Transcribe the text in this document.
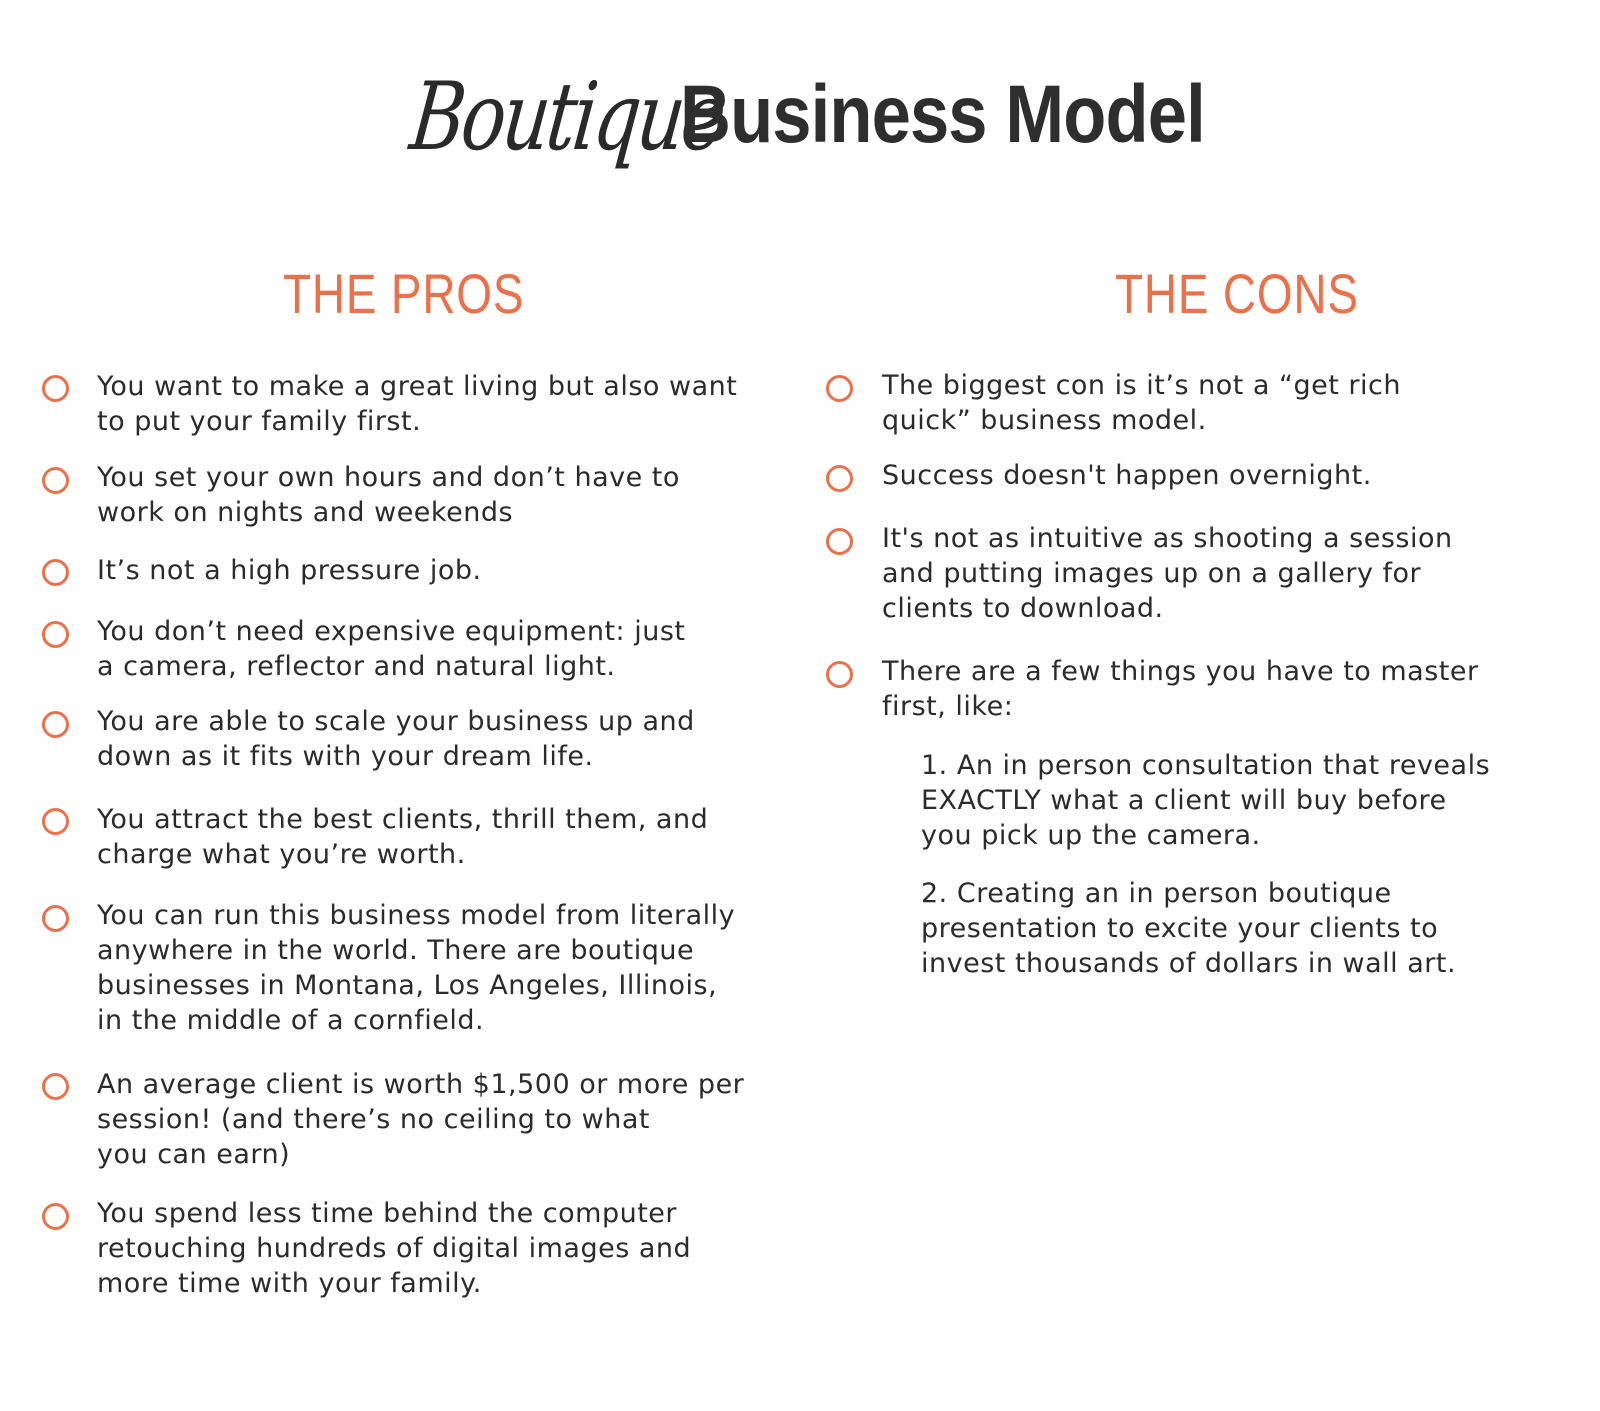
Boutique
Business Model
THE PROS	THE CONS
You want to make a great living but also want
to put your family first.
You set your own hours and don’t have to
work on nights and weekends
It’s not a high pressure job.
You don’t need expensive equipment: just
a camera, reflector and natural light.
You are able to scale your business up and
down as it fits with your dream life.
You attract the best clients, thrill them, and
charge what you’re worth.
You can run this business model from literally
anywhere in the world. There are boutique
businesses in Montana, Los Angeles, Illinois,
in the middle of a cornfield.
An average client is worth $1,500 or more per
session! (and there’s no ceiling to what
you can earn)
You spend less time behind the computer
retouching hundreds of digital images and
more time with your family.
The biggest con is it’s not a “get rich
quick” business model.
Success doesn't happen overnight.
It's not as intuitive as shooting a session
and putting images up on a gallery for
clients to download.
There are a few things you have to master
first, like:
1. An in person consultation that reveals
EXACTLY what a client will buy before
you pick up the camera.
2. Creating an in person boutique
presentation to excite your clients to
invest thousands of dollars in wall art.
